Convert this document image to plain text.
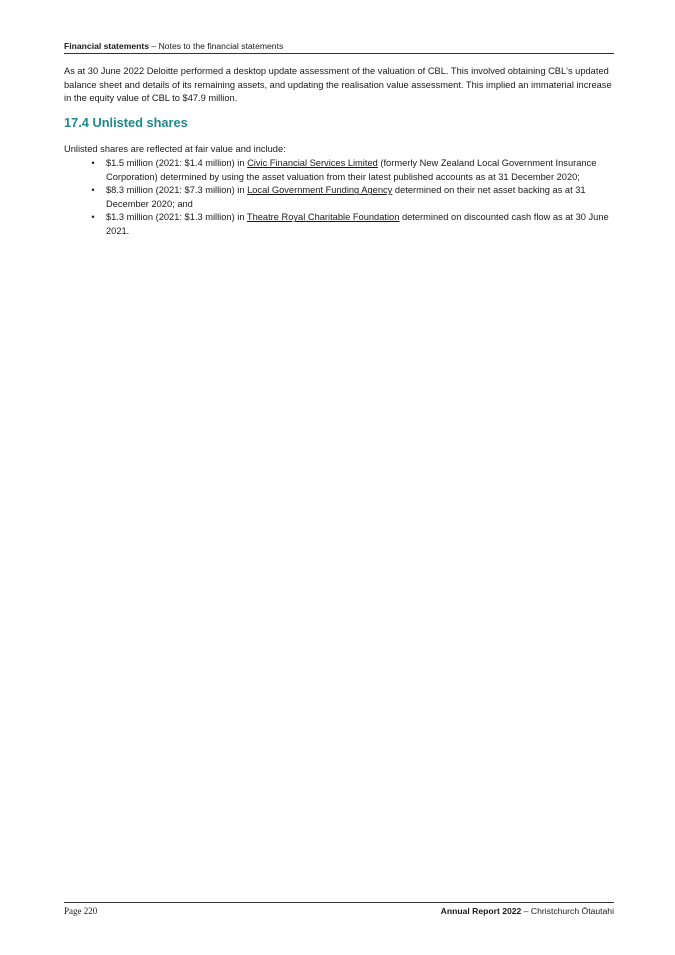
Financial statements – Notes to the financial statements

As at 30 June 2022 Deloitte performed a desktop update assessment of the valuation of CBL. This involved obtaining CBL's updated balance sheet and details of its remaining assets, and updating the realisation value assessment. This implied an immaterial increase in the equity value of CBL to $47.9 million.

17.4 Unlisted shares

Unlisted shares are reflected at fair value and include:

•	$1.5 million (2021: $1.4 million) in Civic Financial Services Limited (formerly New Zealand Local Government Insurance Corporation) determined by using the asset valuation from their latest published accounts as at 31 December 2020;
•	$8.3 million (2021: $7.3 million) in Local Government Funding Agency determined on their net asset backing as at 31 December 2020; and
•	$1.3 million (2021: $1.3 million) in Theatre Royal Charitable Foundation determined on discounted cash flow as at 30 June 2021.
Page 220	Annual Report 2022 – Christchurch Ōtautahi
